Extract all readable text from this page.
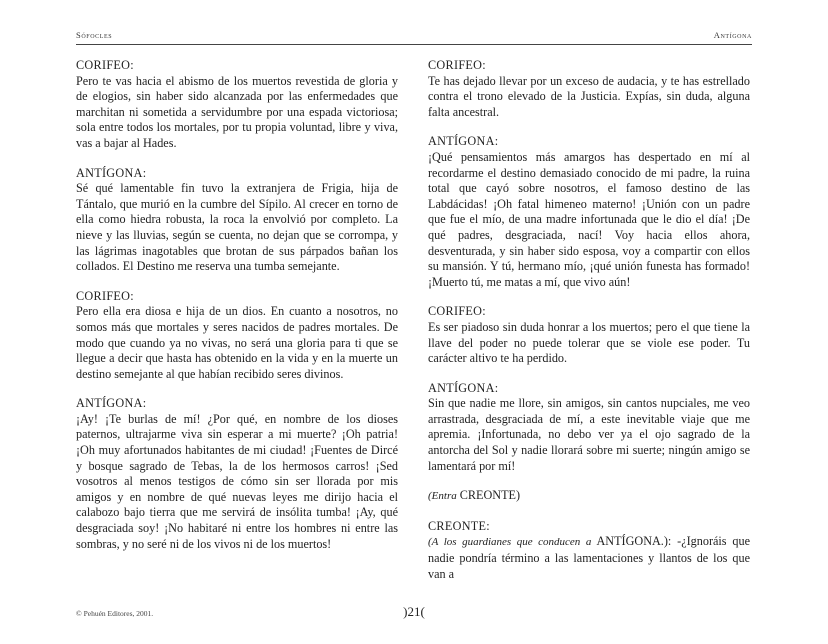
Sófocles	Antígona

CORIFEO:

Pero te vas hacia el abismo de los muertos revestida de gloria y de elogios, sin haber sido alcanzada por las enfermedades que marchitan ni sometida a servidumbre por una espada victoriosa; sola entre todos los mortales, por tu propia voluntad, libre y viva, vas a bajar al Hades.

ANTÍGONA:

Sé qué lamentable fin tuvo la extranjera de Frigia, hija de Tántalo, que murió en la cumbre del Sípilo. Al crecer en torno de ella como hiedra robusta, la roca la envolvió por completo. La nieve y las lluvias, según se cuenta, no dejan que se corrompa, y las lágrimas inagotables que brotan de sus párpados bañan los collados. El Destino me reserva una tumba semejante.

CORIFEO:

Pero ella era diosa e hija de un dios. En cuanto a nosotros, no somos más que mortales y seres nacidos de padres mortales. De modo que cuando ya no vivas, no será una gloria para ti que se llegue a decir que hasta has obtenido en la vida y en la muerte un destino semejante al que habían recibido seres divinos.

ANTÍGONA:

¡Ay! ¡Te burlas de mí! ¿Por qué, en nombre de los dioses paternos, ultrajarme viva sin esperar a mi muerte? ¡Oh patria! ¡Oh muy afortunados habitantes de mi ciudad! ¡Fuentes de Dircé y bosque sagrado de Tebas, la de los hermosos carros! ¡Sed vosotros al menos testigos de cómo sin ser llorada por mis amigos y en nombre de qué nuevas leyes me dirijo hacia el calabozo bajo tierra que me servirá de insólita tumba! ¡Ay, qué desgraciada soy! ¡No habitaré ni entre los hombres ni entre las sombras, y no seré ni de los vivos ni de los muertos!

CORIFEO:

Te has dejado llevar por un exceso de audacia, y te has estrellado contra el trono elevado de la Justicia. Expías, sin duda, alguna falta ancestral.

ANTÍGONA:

¡Qué pensamientos más amargos has despertado en mí al recordarme el destino demasiado conocido de mi padre, la ruina total que cayó sobre nosotros, el famoso destino de las Labdácidas! ¡Oh fatal himeneo materno! ¡Unión con un padre que fue el mío, de una madre infortunada que le dio el día! ¡De qué padres, desgraciada, nací! Voy hacia ellos ahora, desventurada, y sin haber sido esposa, voy a compartir con ellos su mansión. Y tú, hermano mío, ¡qué unión funesta has formado! ¡Muerto tú, me matas a mí, que vivo aún!

CORIFEO:

Es ser piadoso sin duda honrar a los muertos; pero el que tiene la llave del poder no puede tolerar que se viole ese poder. Tu carácter altivo te ha perdido.

ANTÍGONA:

Sin que nadie me llore, sin amigos, sin cantos nupciales, me veo arrastrada, desgraciada de mí, a este inevitable viaje que me apremia. ¡Infortunada, no debo ver ya el ojo sagrado de la antorcha del Sol y nadie llorará sobre mi suerte; ningún amigo se lamentará por mí!

(Entra CREONTE)

CREONTE:

(A los guardianes que conducen a ANTÍGONA.): -¿Ignoráis que nadie pondría término a las lamentaciones y llantos de los que van a

© Pehuén Editores, 2001.	)21(
